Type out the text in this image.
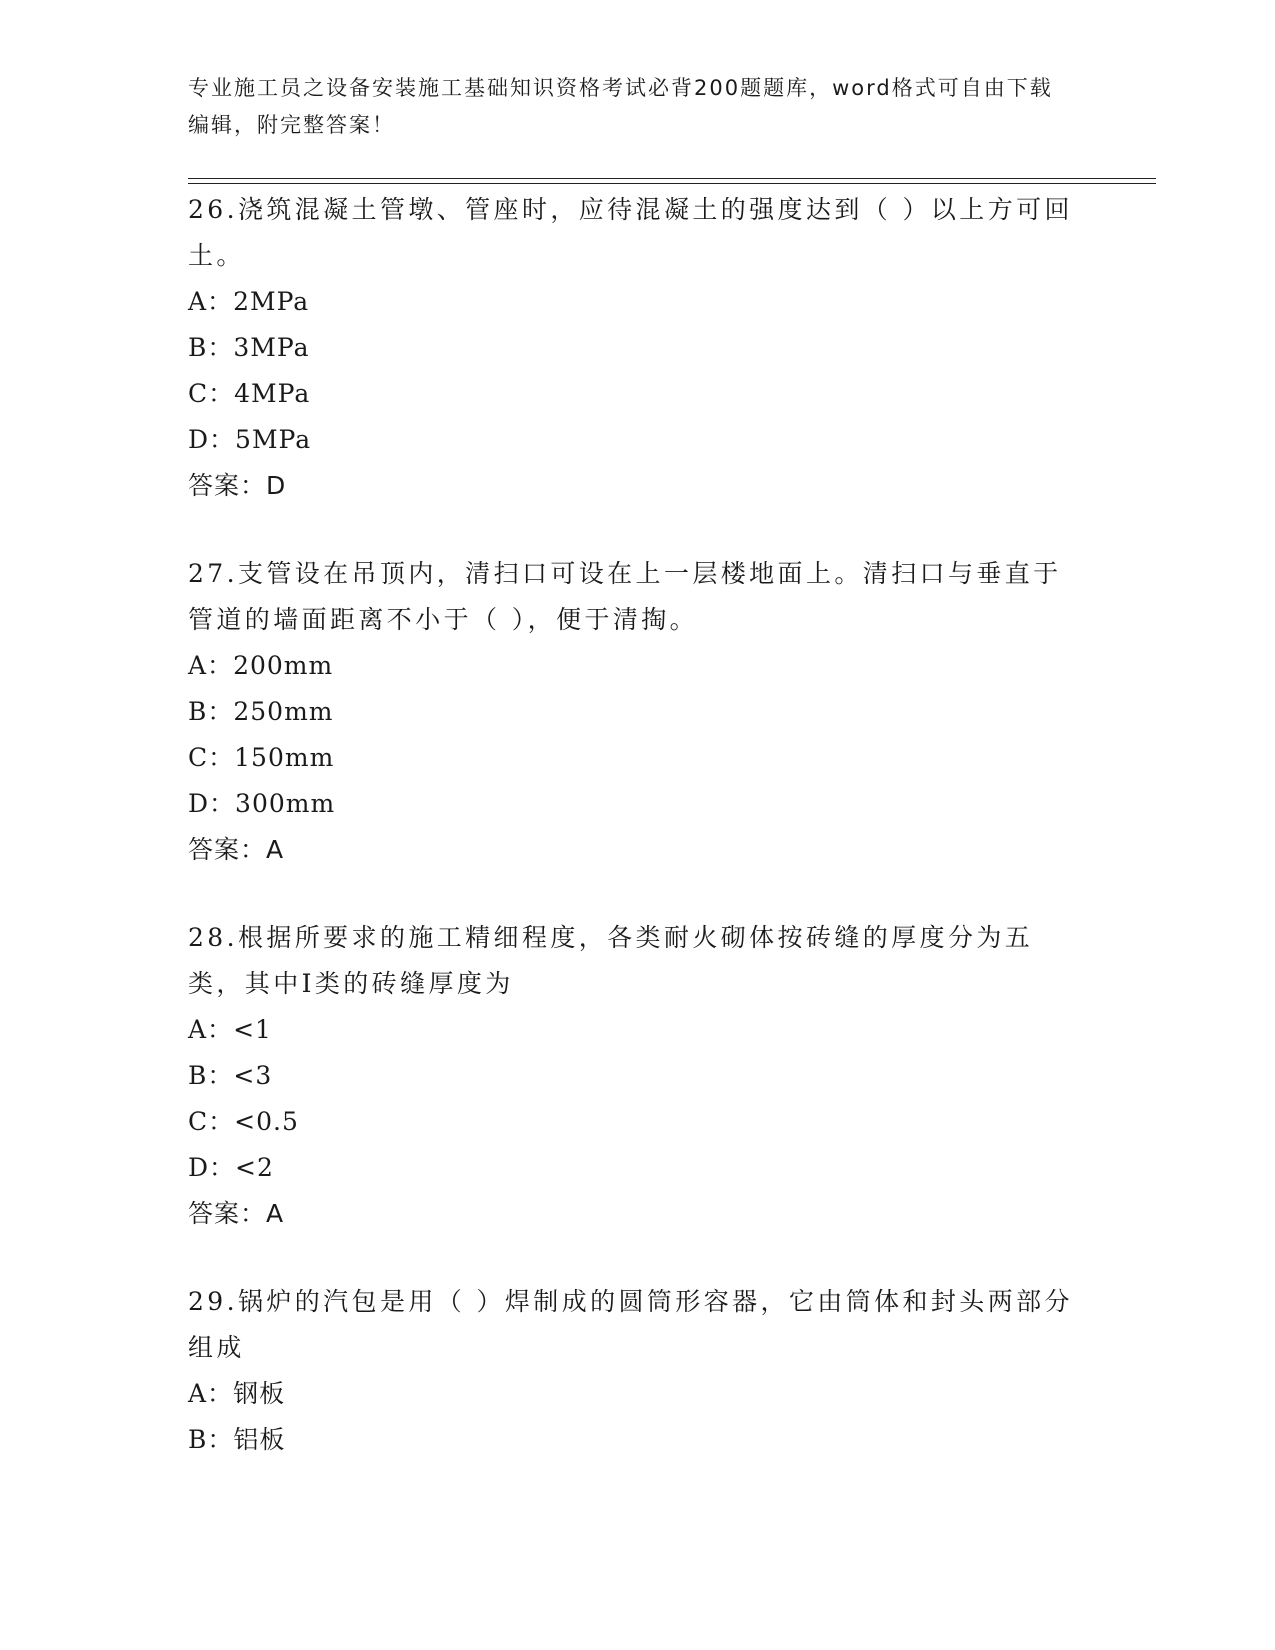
专业施工员之设备安装施工基础知识资格考试必背200题题库，word格式可自由下载编辑，附完整答案！
26.浇筑混凝土管墩、管座时，应待混凝土的强度达到（ ）以上方可回土。
A：2MPa
B：3MPa
C：4MPa
D：5MPa
答案：D
27.支管设在吊顶内，清扫口可设在上一层楼地面上。清扫口与垂直于管道的墙面距离不小于（ ），便于清掏。
A：200mm
B：250mm
C：150mm
D：300mm
答案：A
28.根据所要求的施工精细程度，各类耐火砌体按砖缝的厚度分为五类，其中Ⅰ类的砖缝厚度为
A：<1
B：<3
C：<0.5
D：<2
答案：A
29.锅炉的汽包是用（ ）焊制成的圆筒形容器，它由筒体和封头两部分组成
A：钢板
B：铝板
